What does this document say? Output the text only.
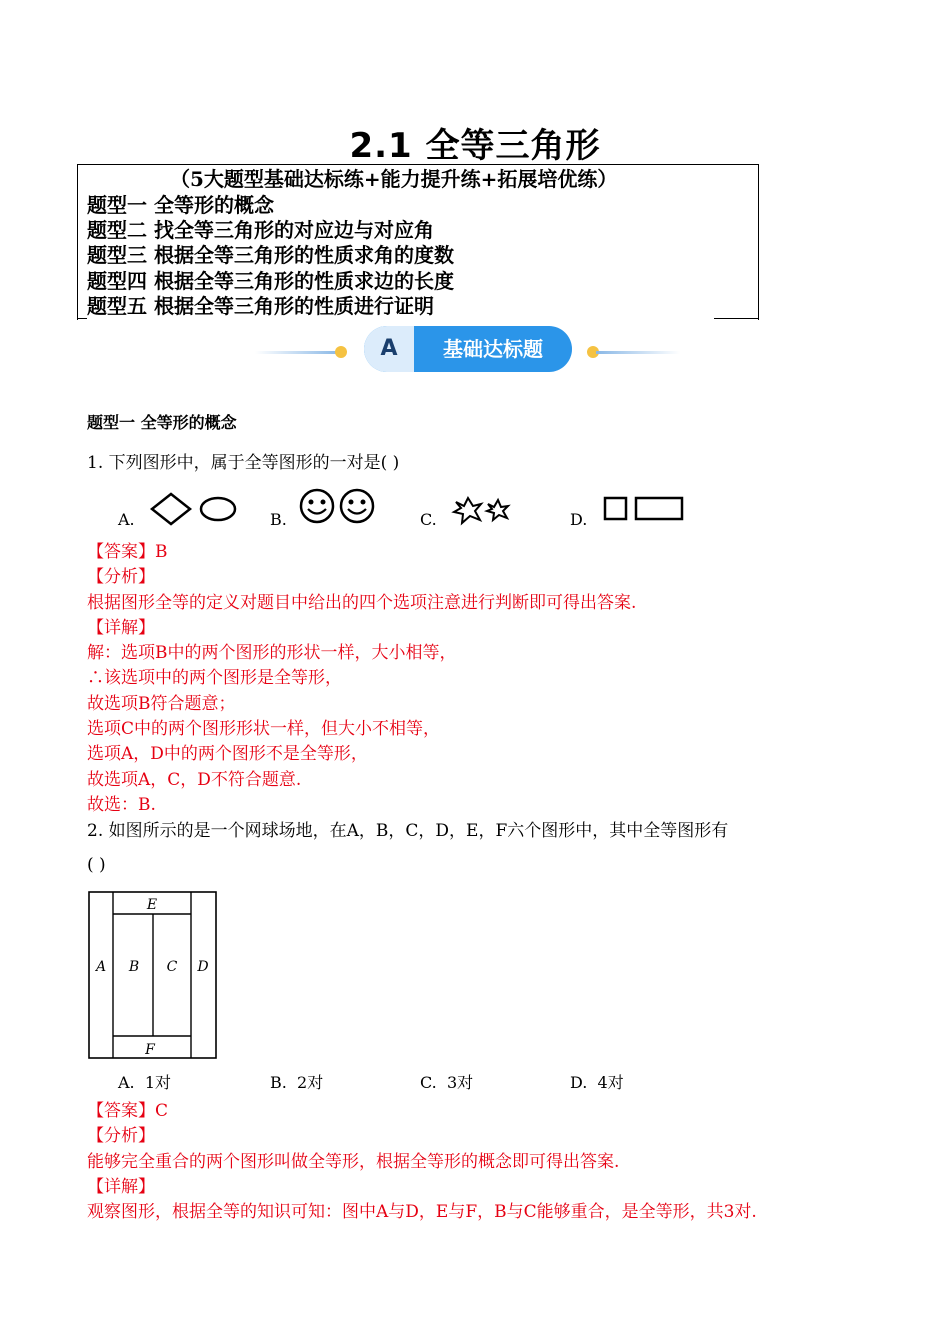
2.1 全等三角形
（5大题型基础达标练+能力提升练+拓展培优练）
题型一 全等形的概念
题型二 找全等三角形的对应边与对应角
题型三 根据全等三角形的性质求角的度数
题型四 根据全等三角形的性质求边的长度
题型五 根据全等三角形的性质进行证明
A	基础达标题
题型一 全等形的概念
1. 下列图形中，属于全等图形的一对是( )
A.	B.	C.	D.
【答案】B
【分析】
根据图形全等的定义对题目中给出的四个选项注意进行判断即可得出答案.
【详解】
解：选项B中的两个图形的形状一样，大小相等，
∴该选项中的两个图形是全等形，
故选项B符合题意；
选项C中的两个图形形状一样，但大小不相等，
选项A，D中的两个图形不是全等形，
故选项A，C，D不符合题意.
故选：B.
2. 如图所示的是一个网球场地，在A，B，C，D，E，F六个图形中，其中全等图形有
( )
A B C D
E
F
A. 1对	B. 2对	C. 3对	D. 4对
【答案】C
【分析】
能够完全重合的两个图形叫做全等形，根据全等形的概念即可得出答案.
【详解】
观察图形，根据全等的知识可知：图中A与D，E与F，B与C能够重合，是全等形，共3对.
